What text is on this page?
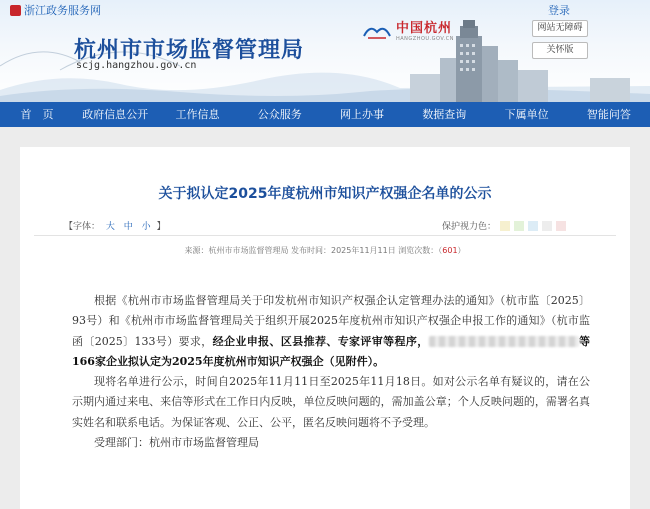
浙江政务服务网	登录
杭州市市场监督管理局
scjg.hangzhou.gov.cn
中国杭州
HANGZHOU.GOV.CN
网站无障碍
关怀版
首　页	政府信息公开	工作信息	公众服务	网上办事	数据查询	下属单位	智能问答
关于拟认定2025年度杭州市知识产权强企名单的公示
【字体： 大 中 小 】	保护视力色：
来源：杭州市市场监督管理局 发布时间：2025年11月11日 浏览次数：（601）

根据《杭州市市场监督管理局关于印发杭州市知识产权强企认定管理办法的通知》（杭市监〔2025〕93号）和《杭州市市场监督管理局关于组织开展2025年度杭州市知识产权强企申报工作的通知》（杭市监函〔2025〕133号）要求，经企业申报、区县推荐、专家评审等程序，	等166家企业拟认定为2025年度杭州市知识产权强企（见附件）。

现将名单进行公示，时间自2025年11月11日至2025年11月18日。如对公示名单有疑议的，请在公示期内通过来电、来信等形式在工作日内反映，单位反映问题的，需加盖公章；个人反映问题的，需署名真实姓名和联系电话。为保证客观、公正、公平，匿名反映问题将不予受理。

受理部门：杭州市市场监督管理局
